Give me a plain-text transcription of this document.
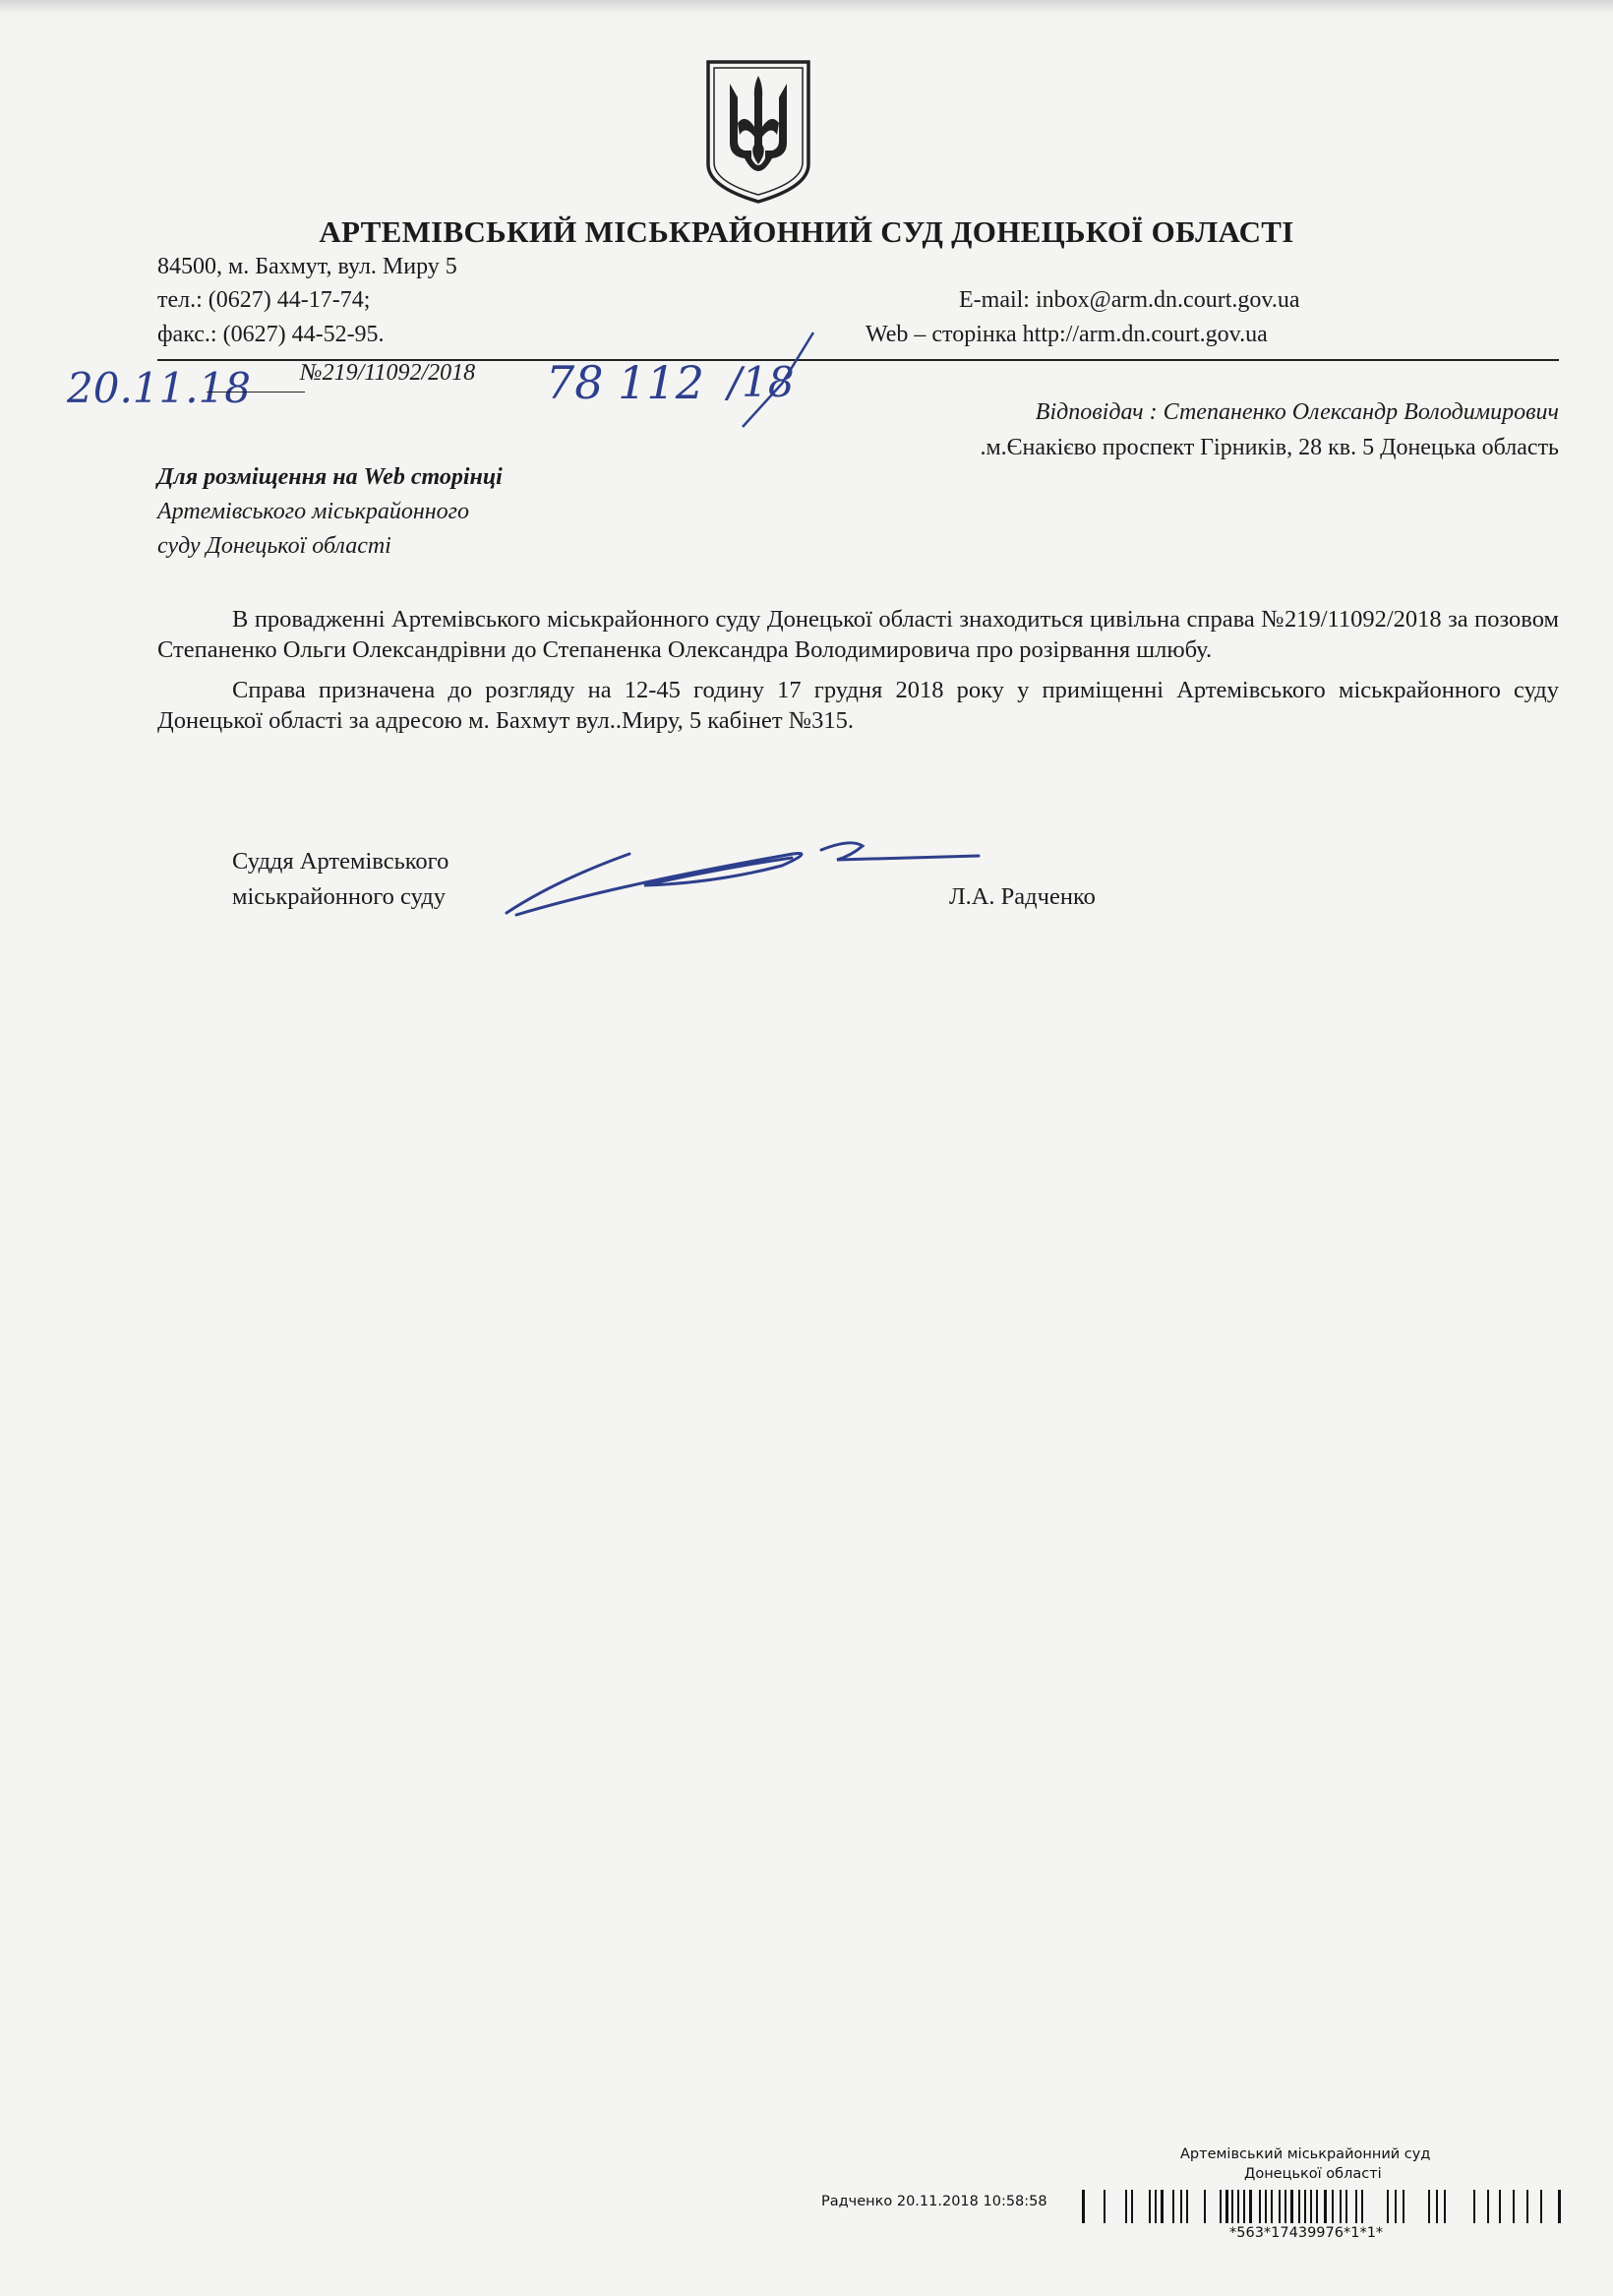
АРТЕМІВСЬКИЙ МІСЬКРАЙОННИЙ СУД ДОНЕЦЬКОЇ ОБЛАСТІ
84500, м. Бахмут, вул. Миру 5
тел.: (0627) 44-17-74;
факс.: (0627) 44-52-95.
E-mail: inbox@arm.dn.court.gov.ua
Web – сторінка http://arm.dn.court.gov.ua
20.11.18 №219/11092/2018 78 112 /18
Відповідач : Степаненко Олександр Володимирович
.м.Єнакієво проспект Гірників, 28 кв. 5 Донецька область
Для розміщення на Web сторінці
Артемівського міськрайонного
суду Донецької області

В провадженні Артемівського міськрайонного суду Донецької області знаходиться цивільна справа №219/11092/2018 за позовом Степаненко Ольги Олександрівни до Степаненка Олександра Володимировича про розірвання шлюбу.

Справа призначена до розгляду на 12-45 годину 17 грудня 2018 року у приміщенні Артемівського міськрайонного суду Донецької області за адресою м. Бахмут вул..Миру, 5 кабінет №315.

Суддя Артемівського
міськрайонного суду	Л.А. Радченко
Артемівський міськрайонний суд
Донецької області
Радченко 20.11.2018 10:58:58
*563*17439976*1*1*
